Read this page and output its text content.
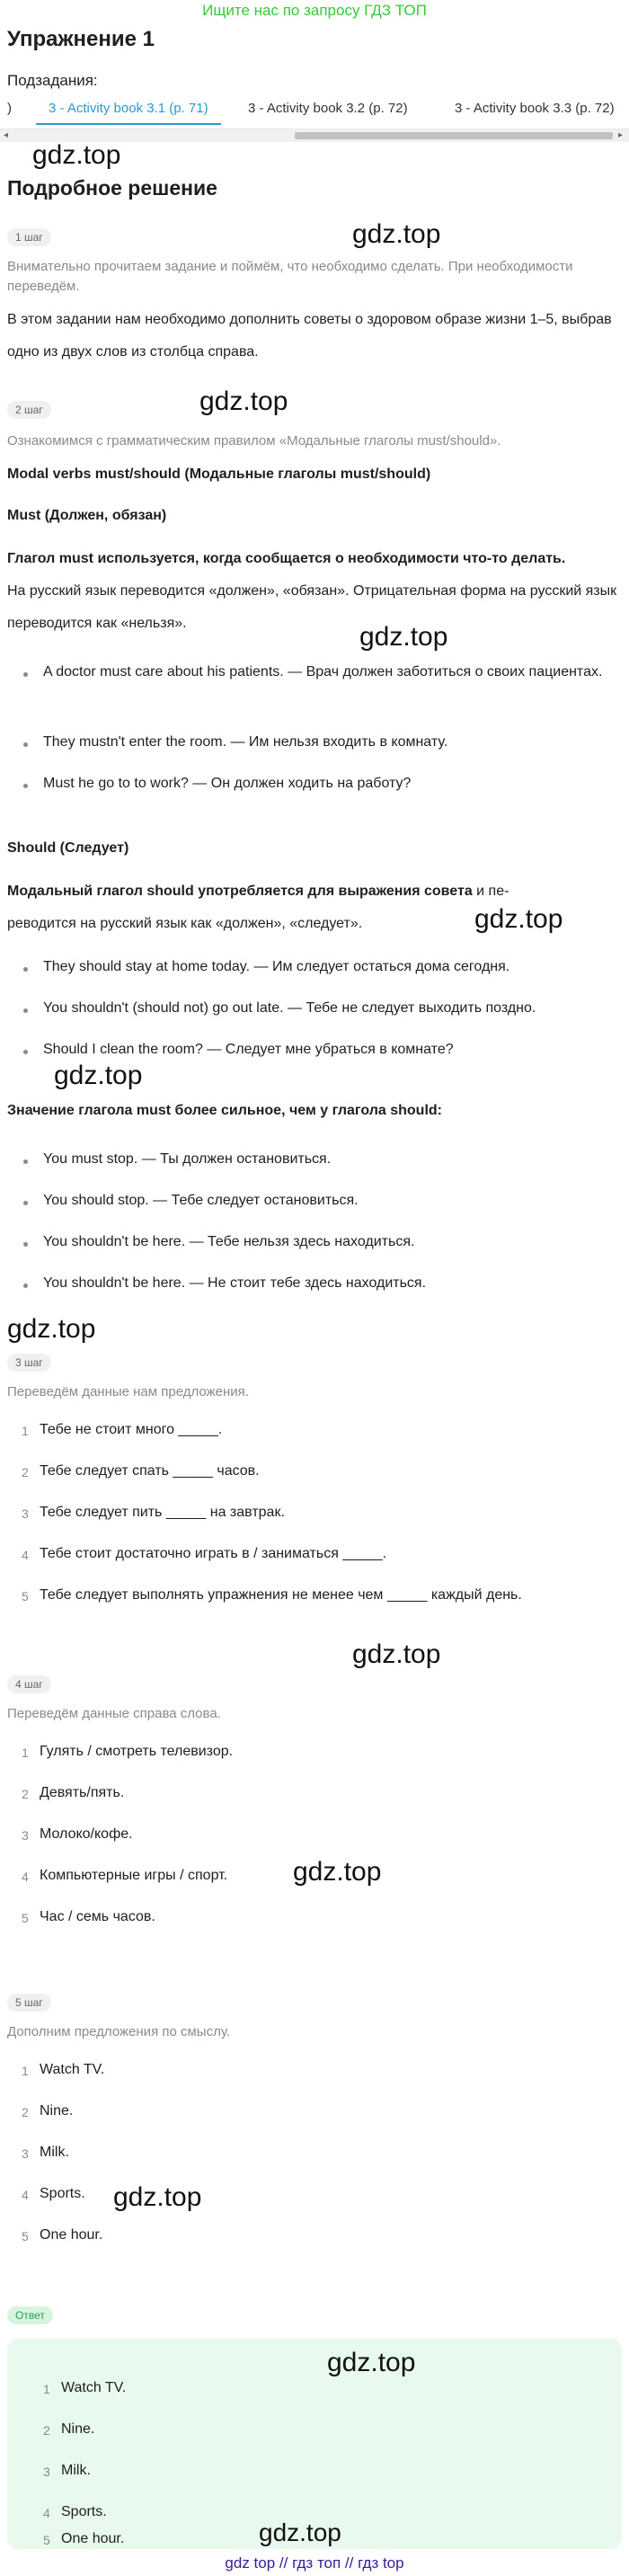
Ищите нас по запросу ГДЗ ТОП
Упражнение 1
Подзадания:
)	3 - Activity book 3.1 (p. 71)	3 - Activity book 3.2 (p. 72)	3 - Activity book 3.3 (p. 72)
◂	▸
gdz.top
Подробное решение
1 шаг	gdz.top
Внимательно прочитаем задание и поймём, что необходимо сделать. При необходимости переведём.
В этом задании нам необходимо дополнить советы о здоровом образе жизни 1–5, выбрав одно из двух слов из столбца справа.
2 шаг	gdz.top
Ознакомимся с грамматическим правилом «Модальные глаголы must/should».
Modal verbs must/should (Модальные глаголы must/should)
Must (Должен, обязан)
Глагол must используется, когда сообщается о необходимости что-то делать.
На русский язык переводится «должен», «обязан». Отрицательная форма на русский язык переводится как «нельзя».	gdz.top
A doctor must care about his patients. — Врач должен заботиться о своих пациентах.
They mustn't enter the room. — Им нельзя входить в комнату.
Must he go to to work? — Он должен ходить на работу?
Should (Следует)
Модальный глагол should употребляется для выражения совета и пе-
реводится на русский язык как «должен», «следует».	gdz.top
They should stay at home today. — Им следует остаться дома сегодня.
You shouldn't (should not) go out late. — Тебе не следует выходить поздно.
Should I clean the room? — Следует мне убраться в комнате?
gdz.top
Значение глагола must более сильное, чем у глагола should:
You must stop. — Ты должен остановиться.
You should stop. — Тебе следует остановиться.
You shouldn't be here. — Тебе нельзя здесь находиться.
You shouldn't be here. — Не стоит тебе здесь находиться.
gdz.top
3 шаг
Переведём данные нам предложения.
1 Тебе не стоит много _____.
2 Тебе следует спать _____ часов.
3 Тебе следует пить _____ на завтрак.
4 Тебе стоит достаточно играть в / заниматься _____.
5 Тебе следует выполнять упражнения не менее чем _____ каждый день.
gdz.top
4 шаг
Переведём данные справа слова.
1 Гулять / смотреть телевизор.
2 Девять/пять.
3 Молоко/кофе.
4 Компьютерные игры / спорт. gdz.top
5 Час / семь часов.
5 шаг
Дополним предложения по смыслу.
1 Watch TV.
2 Nine.
3 Milk.
4 Sports. gdz.top
5 One hour.
Ответ
gdz.top
1 Watch TV.
2 Nine.
3 Milk.
4 Sports.
5 One hour.	gdz.top
gdz top // гдз топ // гдз top
